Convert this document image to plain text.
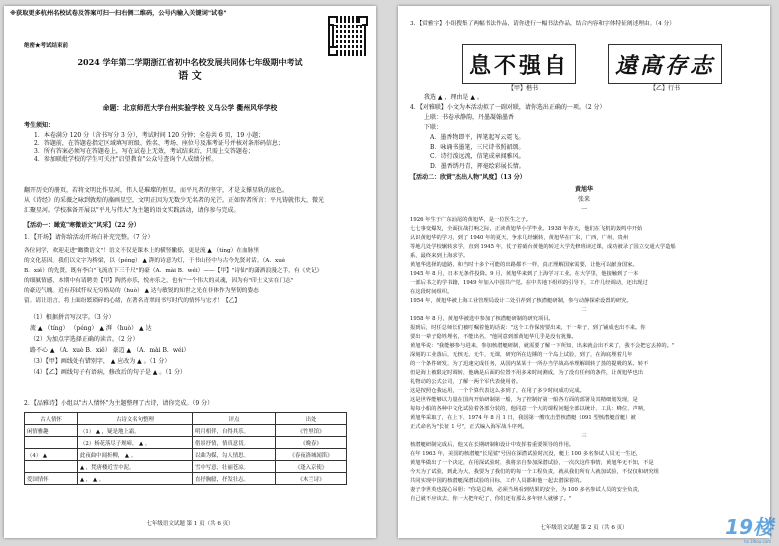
※获取更多杭州名校试卷及答案可扫一扫右侧二维码，公号内输入关键词"试卷"
绝密★考试结束前
2024 学年第二学期浙江省初中名校发展共同体七年级期中考试
语 文
命题：北京师范大学台州实验学校 义乌公学 衢州风华学校
考生须知：
1．本卷满分 120 分（含书写分 3 分），考试时间 120 分钟；全卷共 6 页，19 小题；
2．答题前，在答题卷指定区域填写班级、姓名、考场、座位号及准考证号并核对条形码信息；
3．所有答案必须写在答题卷上，写在试卷上无效，考试结束后，只需上交答题卷；
4．参加联批学校的学生可关注"启望教育"公众号查询个人成绩分析。
翻开历史的册页，若将文明比作星河，伟人是璀璨的恒星，而平凡者的坚守，才是支撑星轨的底色。
从《诗经》的采薇之咏到敦煌的藻画星空，文明正因为无数少无名者的光芒。正如智者所言：平凡铸就伟大，微光
汇聚星河。学校准备开展以"平凡与伟大"为主题的语文实践活动，请你参与完成。
【活动一：瞰览"寒微语文"风采】（22 分）
1．【开场】请你给活动开场白补充完整。（7 分）
各位同学，欢迎走进"瞰微语文"！语文不仅是课本上的横竖撇捺，更是流 ▲ （tíng）在血脉里
的文化基因。我们以文字为桥梁，以（péng） ▲ 湃的诗意为灯，于书山径中与古今先贤对话。（A．xuè
B．xiě）的先贤，既有李白"飞流直下三千尺"的豪（A．mài B．wéi）——【甲】"诗仙"的潇洒浪漫之手，有《史记》
的细腻情感，本期中有请聘美【甲】陶然亦乐，悦亦乐之，也有"一个伟大的灵魂，因为有"印土义实在门志"
的豪迈气魄。近有苏轼忏叹无穷格局的（huò） ▲ 达与敏锐的知世之光在非体作为坚韧的姿态
留。请让语言，将上面纷繁琐碎的心绪，在著名青翠间书写时代的情怀与宏才！【乙】
（1）根据拼音写汉字。（3 分）
流 ▲ （tíng） （péng） ▲ 湃 （huò） ▲ 达
（2）为加点字选择正确的读音。（2 分）
路不心 ▲ （A．xuè B．xiě） 豪迈 ▲ （A．mài B．wéi）
（3）【甲】画线处有错别字， ▲ 应改为 ▲ 。（1 分）
（4）【乙】画线句子有语病，修改后的句子是 ▲ 。（1 分）
2．【品雅诗】小组以"古人情怀"为主题整理了古诗，请你完成。（9 分）
古人情怀	古诗文名句整理	评点	出处
闲情雅趣	（1） ▲ ，疑是地上霜。	明月相伴，自得其乐。	《竹里馆》
	（2）杨花落尽子规啼， ▲ 。	借景抒情，情真意切。	《晚春》
（4） ▲	此夜曲中闻折柳， ▲ 。	以曲为媒，勾人情思。	《春夜洛城闻笛》
	▲ ，梵唐楼近雪中泥。	雪中写意，壮丽苍凉。	《逢入京使》
爱国情怀	▲ ， ▲ 。	直抒胸臆，抒发壮志。	《木兰诗》
七年级语文试题 第 1 页（共 6 页）
3．【赏雅字】小组搜集了两幅书法作品，请你进行一幅书法作品，结合内容和字体特征阐述理由。（4 分）
息不强自	遠高存志
【甲】楷书	【乙】行书
我选 ▲ ，理由是 ▲ 。
4．【对雅联】小文为本活动拟了一副对联，请你选出正确的一项。（2 分）
上联：书卷承静韵，丹墨凝翰墨香
下联：
A．墨香物即平，挥笔起写云霓飞。
B．咏诵书墨笔，三尺诗书照韶颂。
C．诗行泼远流，信笔成章闻雅风。
D．墨香绣丹青，挥毫绘彩展长情。
【活动二：欣赏"杰出人物"风度】（13 分）
黄旭华
张来
一
1926 年生于广东汕尾的黄旭华，是一位医生之子。
七七事变爆发，全面抗战打响之际，正读黄旭华小学毕业。1938 年春天，他们在飞机的轰鸣中开始
认识黄旭华的学习，到了 1940 年的夏天，争求几经辗转，黄旭华在广东，广西，广州，贵州
等地几处学校辗转求学，直到 1945 年，仗子着硝台黄他的转过大学先修班读过课，成功被录了国立交通大学造船
系，最终来到上海求学。
黄旭华选择的道路，和当时十多个可能的出路都不一样，真正理解国家需要，让他可以献身国家。
1945 年 8 月，日本无条件投降。9 月，黄旭华来到了上海学习工业。在大学里，他接触到了一本
一部后书之的学书籍，1949 年加入中国共产党。在中共地下组织的引导下，工作几经调动，还出现过
在这段时间组织。
1954 年，黄旭华被上海工业管理局设计二处引荐到了核潜艇研制，参与动静探索设置的研究。
二
1958 年 8 月，黄旭华被选中参加了核潜艇研制的研究项目。
报到后，时任总师长们被叮嘱着他的话说："这个工作保密要出来，干一辈子，到了铺成也出不来。你
要出一辈子隐姓埋名，不能出名，"他同意到部黄旭华几乎是没有犹豫。
黄旭华说："我能够参与进来，参加核潜艇研制，就需要了解一下所知，出来就会出不来了，我不会把它丢掉的。"
深刻的工业落后，无核无，无牛，无课，研究所在边陲的一个岛上试验，到了，在海底埋着几年
的一个条件研发，为了迅速完成任务，从国内某某十一所办当学战高举理解调转了蒸的提吸的某。转不
但是海上被限定时调转，他确是后面的位置不用多来时间测成，为了没有任何的条件，让黄旭华也出
礼物动的公式公司，了解一两个军代表使用者。
这是按照仓我运用，一个个算代表这么多到了，在用了多少时间成功完成。
这是世界能够以力量在国内开始研制第一船，为了控制好第一船各方面的部署及其精细划发现，是
每每小船的各种中文化试验着各部分装的，他同意一个大的课程问题全部以统计、工具：峰位、声呐，
黄旭华采取了，在上下，1974 年 8 月 1 日，我国第一艘攻击型核潜艇（091 型核潜艇首艇）被
正式命名为"长征 1 号"，正式编入海军战斗序列。
三
核潜艇研制完成后，他又在长期研制和设计中发挥着重要领导的作用。
在年 1963 年，美国的核潜艇"长尾鲨"号因在深潜试验时沉没，艇上 100 多名参试人员无一生还，
黄旭华做出了一个决定，在用深试验时，我将亲自参加深潜试验，一次次这件事情，黄旭华无不知，不是
今天为了试验，到此为大，我要为了我们的的每一个工程负责，就从我们所有人就加试验，不仅仅和研究组
共同实现中国的核潜艇深潜试验的目标，工作人员都和他一起去潜深着的。
妻子李世英也提心吊胆："你是总师，必须当场看到结果的安全，为 100 多名参试人员的安全负责，
自己就不应该去，你一大把年纪了，你们还有那么多年轻人就够了。"
七年级语文试题 第 2 页（共 6 页）	19楼
hz.19lou.com
